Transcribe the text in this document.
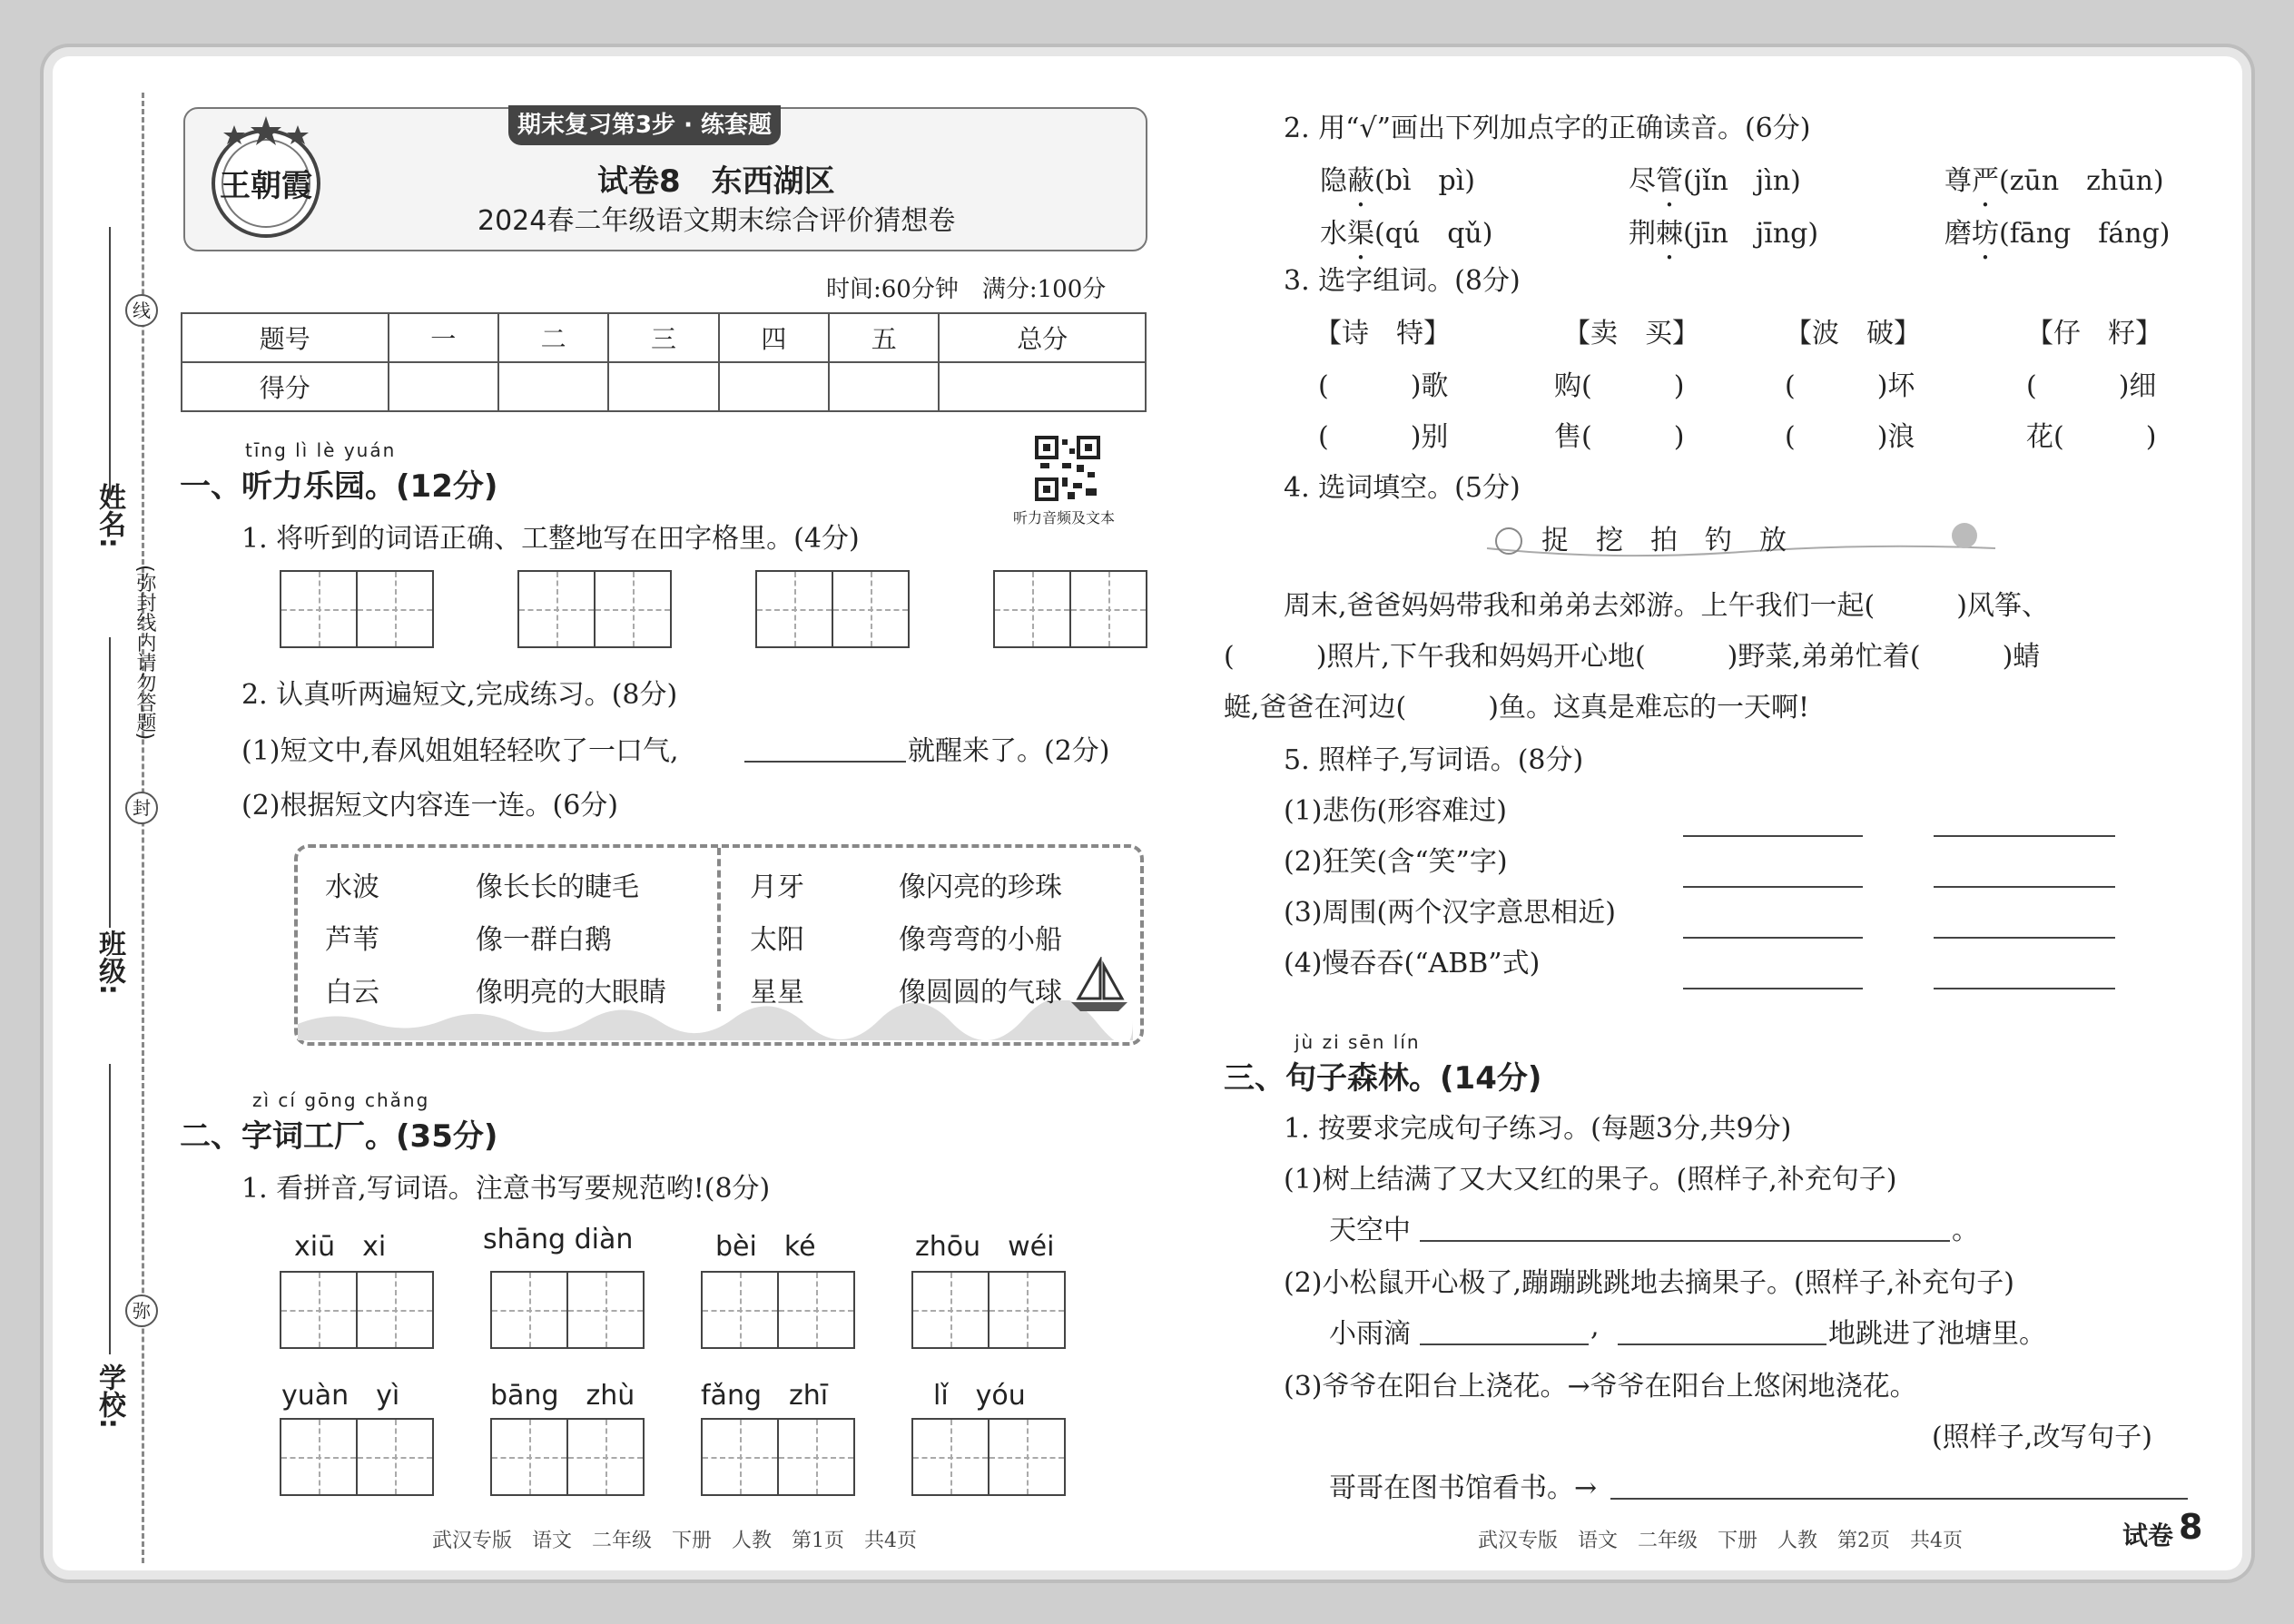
线
封
弥
姓名:
(弥封线内请勿答题)
班级:
学校:
期末复习第3步 · 练套题
王朝霞	试卷8　东西湖区
2024春二年级语文期末综合评价猜想卷
时间:60分钟　满分:100分
题号	一	二	三	四	五	总分
得分						
tīng lì lè yuán
一、听力乐园。(12分)
听力音频及文本
1. 将听到的词语正确、工整地写在田字格里。(4分)
2. 认真听两遍短文,完成练习。(8分)
(1)短文中,春风姐姐轻轻吹了一口气,	就醒来了。(2分)
(2)根据短文内容连一连。(6分)
水波	像长长的睫毛
芦苇	像一群白鹅
白云	像明亮的大眼睛
月牙	像闪亮的珍珠
太阳	像弯弯的小船
星星	像圆圆的气球
zì cí gōng chǎng
二、字词工厂。(35分)
1. 看拼音,写词语。注意书写要规范哟!(8分)
xiū　xi	shāng diàn	bèi　ké	zhōu　wéi
yuàn　yì	bāng　zhù fǎng　zhī	lǐ　yóu
武汉专版　语文　二年级　下册　人教　第1页　共4页
2. 用“√”画出下列加点字的正确读音。(6分)
隐蔽(bì　pì)	尽管(jǐn　jìn)	尊严(zūn　zhūn)
水渠(qú　qǔ)	荆棘(jīn　jīng)	磨坊(fāng　fáng)
3. 选字组词。(8分)
【诗　特】	【卖　买】	【波　破】	【仔　籽】
(　　　)歌	购(　　　)	(　　　)坏	(　　　)细
(　　　)别	售(　　　)	(　　　)浪	花(　　　)
4. 选词填空。(5分)
捉　挖　拍　钓　放
周末,爸爸妈妈带我和弟弟去郊游。上午我们一起(　　　)风筝、
(　　　)照片,下午我和妈妈开心地(　　　)野菜,弟弟忙着(　　　)蜻
蜓,爸爸在河边(　　　)鱼。这真是难忘的一天啊!
5. 照样子,写词语。(8分)
(1)悲伤(形容难过)
(2)狂笑(含“笑”字)
(3)周围(两个汉字意思相近)
(4)慢吞吞(“ABB”式)
jù zi sēn lín
三、句子森林。(14分)
1. 按要求完成句子练习。(每题3分,共9分)
(1)树上结满了又大又红的果子。(照样子,补充句子)
天空中	。
(2)小松鼠开心极了,蹦蹦跳跳地去摘果子。(照样子,补充句子)
小雨滴	,	地跳进了池塘里。
(3)爷爷在阳台上浇花。→爷爷在阳台上悠闲地浇花。
(照样子,改写句子)
哥哥在图书馆看书。→
武汉专版　语文　二年级　下册　人教　第2页　共4页	试卷 8
